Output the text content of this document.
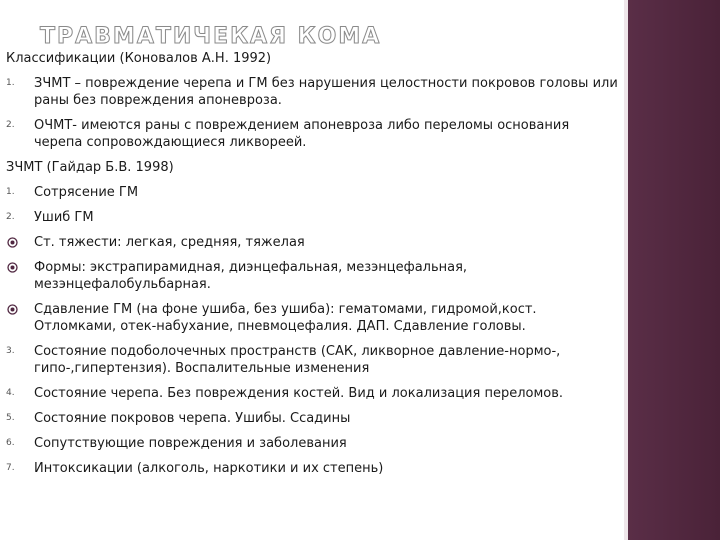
ТРАВМАТИЧЕКАЯ КОМА
Классификации (Коновалов А.Н. 1992)
1.	ЗЧМТ – повреждение черепа и ГМ без нарушения целостности покровов головы или раны без повреждения апоневроза.
2.	ОЧМТ- имеются раны с повреждением апоневроза либо переломы основания черепа сопровождающиеся ликвореей.
ЗЧМТ (Гайдар Б.В. 1998)
1.	Сотрясение ГМ
2.	Ушиб ГМ
Ст. тяжести: легкая, средняя, тяжелая
Формы: экстрапирамидная, диэнцефальная, мезэнцефальная, мезэнцефалобульбарная.
Сдавление ГМ (на фоне ушиба, без ушиба): гематомами, гидромой,кост. Отломками, отек-набухание, пневмоцефалия. ДАП. Сдавление головы.
3.	Состояние подоболочечных пространств (САК, ликворное давление-нормо-, гипо-,гипертензия). Воспалительные изменения
4.	Состояние черепа. Без повреждения костей. Вид и локализация переломов.
5.	Состояние покровов черепа. Ушибы. Ссадины
6.	Сопутствующие повреждения и заболевания
7.	Интоксикации (алкоголь, наркотики и их степень)
